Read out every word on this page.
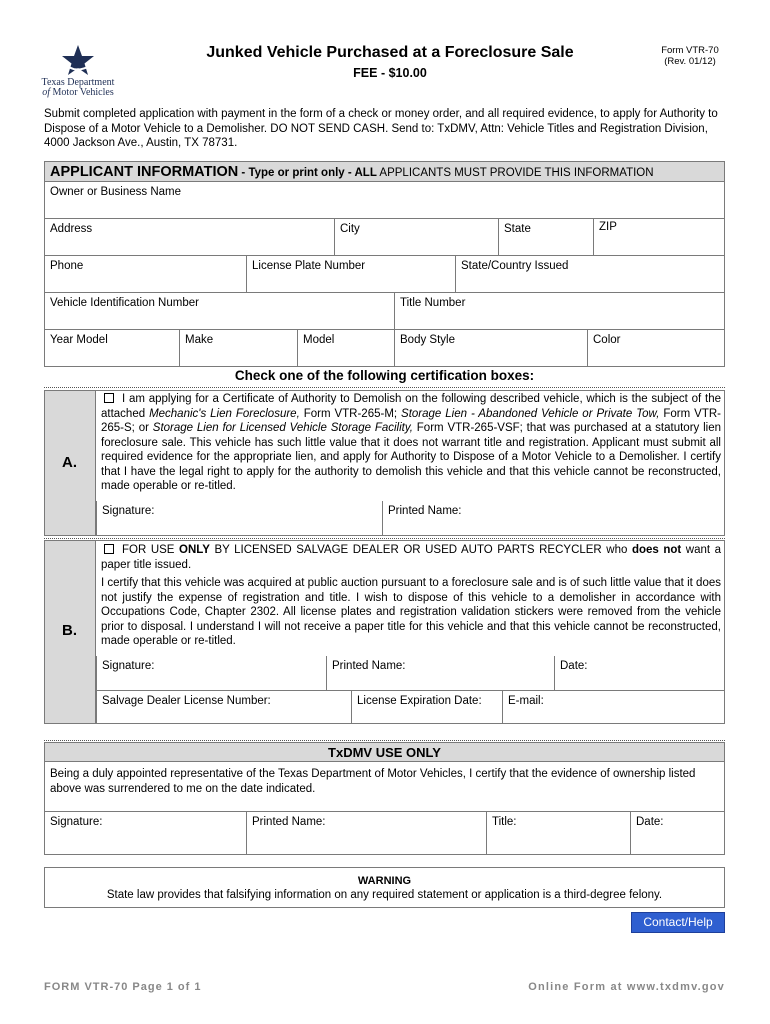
Texas Department
of Motor Vehicles
Junked Vehicle Purchased at a Foreclosure Sale
FEE - $10.00
Form VTR-70
(Rev. 01/12)
Submit completed application with payment in the form of a check or money order, and all required evidence, to apply for Authority to Dispose of a Motor Vehicle to a Demolisher. DO NOT SEND CASH. Send to: TxDMV, Attn: Vehicle Titles and Registration Division, 4000 Jackson Ave., Austin, TX 78731.
APPLICANT INFORMATION - Type or print only - ALL APPLICANTS MUST PROVIDE THIS INFORMATION
Owner or Business Name
Address	City	State	ZIP
Phone	License Plate Number	State/Country Issued
Vehicle Identification Number	Title Number
Year Model	Make	Model	Body Style	Color
Check one of the following certification boxes:
A.
I am applying for a Certificate of Authority to Demolish on the following described vehicle, which is the subject of the attached Mechanic's Lien Foreclosure, Form VTR-265-M; Storage Lien - Abandoned Vehicle or Private Tow, Form VTR-265-S; or Storage Lien for Licensed Vehicle Storage Facility, Form VTR-265-VSF; that was purchased at a statutory lien foreclosure sale. This vehicle has such little value that it does not warrant title and registration. Applicant must submit all required evidence for the appropriate lien, and apply for Authority to Dispose of a Motor Vehicle to a Demolisher. I certify that I have the legal right to apply for the authority to demolish this vehicle and that this vehicle cannot be reconstructed, made operable or re-titled.
Signature:	Printed Name:
B.
FOR USE ONLY BY LICENSED SALVAGE DEALER OR USED AUTO PARTS RECYCLER who does not want a paper title issued.
I certify that this vehicle was acquired at public auction pursuant to a foreclosure sale and is of such little value that it does not justify the expense of registration and title. I wish to dispose of this vehicle to a demolisher in accordance with Occupations Code, Chapter 2302. All license plates and registration validation stickers were removed from the vehicle prior to disposal. I understand I will not receive a paper title for this vehicle and that this vehicle cannot be reconstructed, made operable or re-titled.
Signature:	Printed Name:	Date:
Salvage Dealer License Number:	License Expiration Date:	E-mail:
TxDMV USE ONLY
Being a duly appointed representative of the Texas Department of Motor Vehicles, I certify that the evidence of ownership listed above was surrendered to me on the date indicated.
Signature:	Printed Name:	Title:	Date:
WARNING
State law provides that falsifying information on any required statement or application is a third-degree felony.
Contact/Help
FORM VTR-70 Page 1 of 1	Online Form at www.txdmv.gov
